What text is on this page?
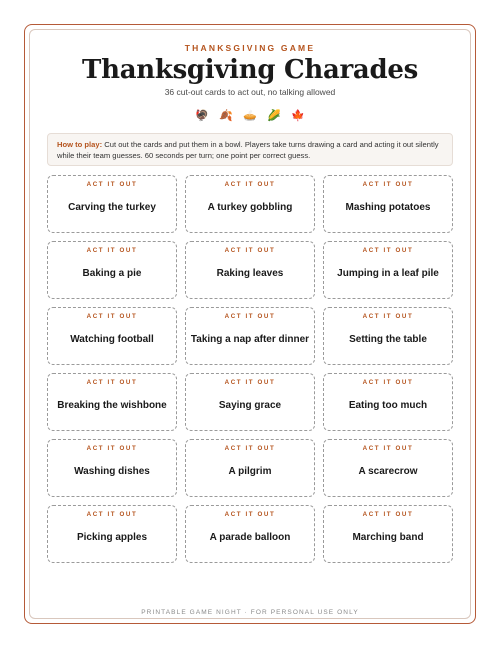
THANKSGIVING GAME
Thanksgiving Charades
36 cut-out cards to act out, no talking allowed
🦃 🍂 🥧 🌽 🍁
How to play: Cut out the cards and put them in a bowl. Players take turns drawing a card and acting it out silently while their team guesses. 60 seconds per turn; one point per correct guess.
ACT IT OUT
Carving the turkey
ACT IT OUT
A turkey gobbling
ACT IT OUT
Mashing potatoes
ACT IT OUT
Baking a pie
ACT IT OUT
Raking leaves
ACT IT OUT
Jumping in a leaf pile
ACT IT OUT
Watching football
ACT IT OUT
Taking a nap after dinner
ACT IT OUT
Setting the table
ACT IT OUT
Breaking the wishbone
ACT IT OUT
Saying grace
ACT IT OUT
Eating too much
ACT IT OUT
Washing dishes
ACT IT OUT
A pilgrim
ACT IT OUT
A scarecrow
ACT IT OUT
Picking apples
ACT IT OUT
A parade balloon
ACT IT OUT
Marching band
PRINTABLE GAME NIGHT · FOR PERSONAL USE ONLY
